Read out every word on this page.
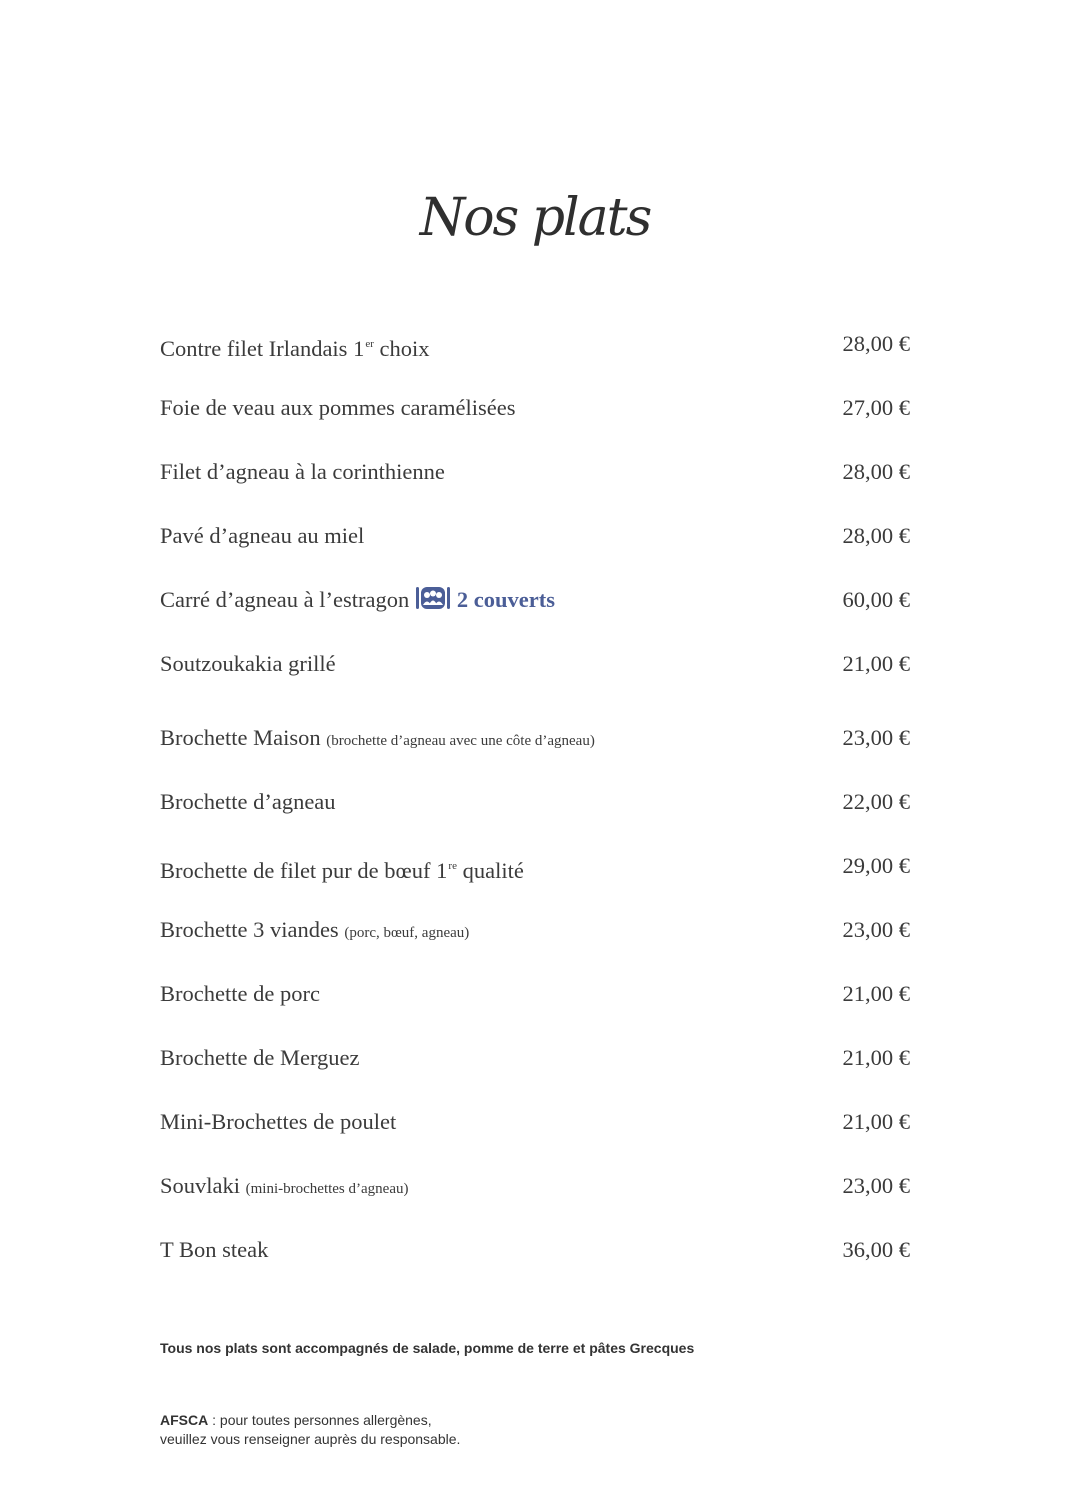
Nos plats
Contre filet Irlandais 1er choix	28,00 €
Foie de veau aux pommes caramélisées	27,00 €
Filet d’agneau à la corinthienne	28,00 €
Pavé d’agneau au miel	28,00 €
Carré d’agneau à l’estragon 2 couverts	60,00 €
Soutzoukakia grillé	21,00 €
Brochette Maison (brochette d’agneau avec une côte d’agneau)	23,00 €
Brochette d’agneau	22,00 €
Brochette de filet pur de bœuf 1re qualité	29,00 €
Brochette 3 viandes (porc, bœuf, agneau)	23,00 €
Brochette de porc	21,00 €
Brochette de Merguez	21,00 €
Mini-Brochettes de poulet	21,00 €
Souvlaki (mini-brochettes d’agneau)	23,00 €
T Bon steak	36,00 €
Tous nos plats sont accompagnés de salade, pomme de terre et pâtes Grecques
AFSCA : pour toutes personnes allergènes,
veuillez vous renseigner auprès du responsable.
